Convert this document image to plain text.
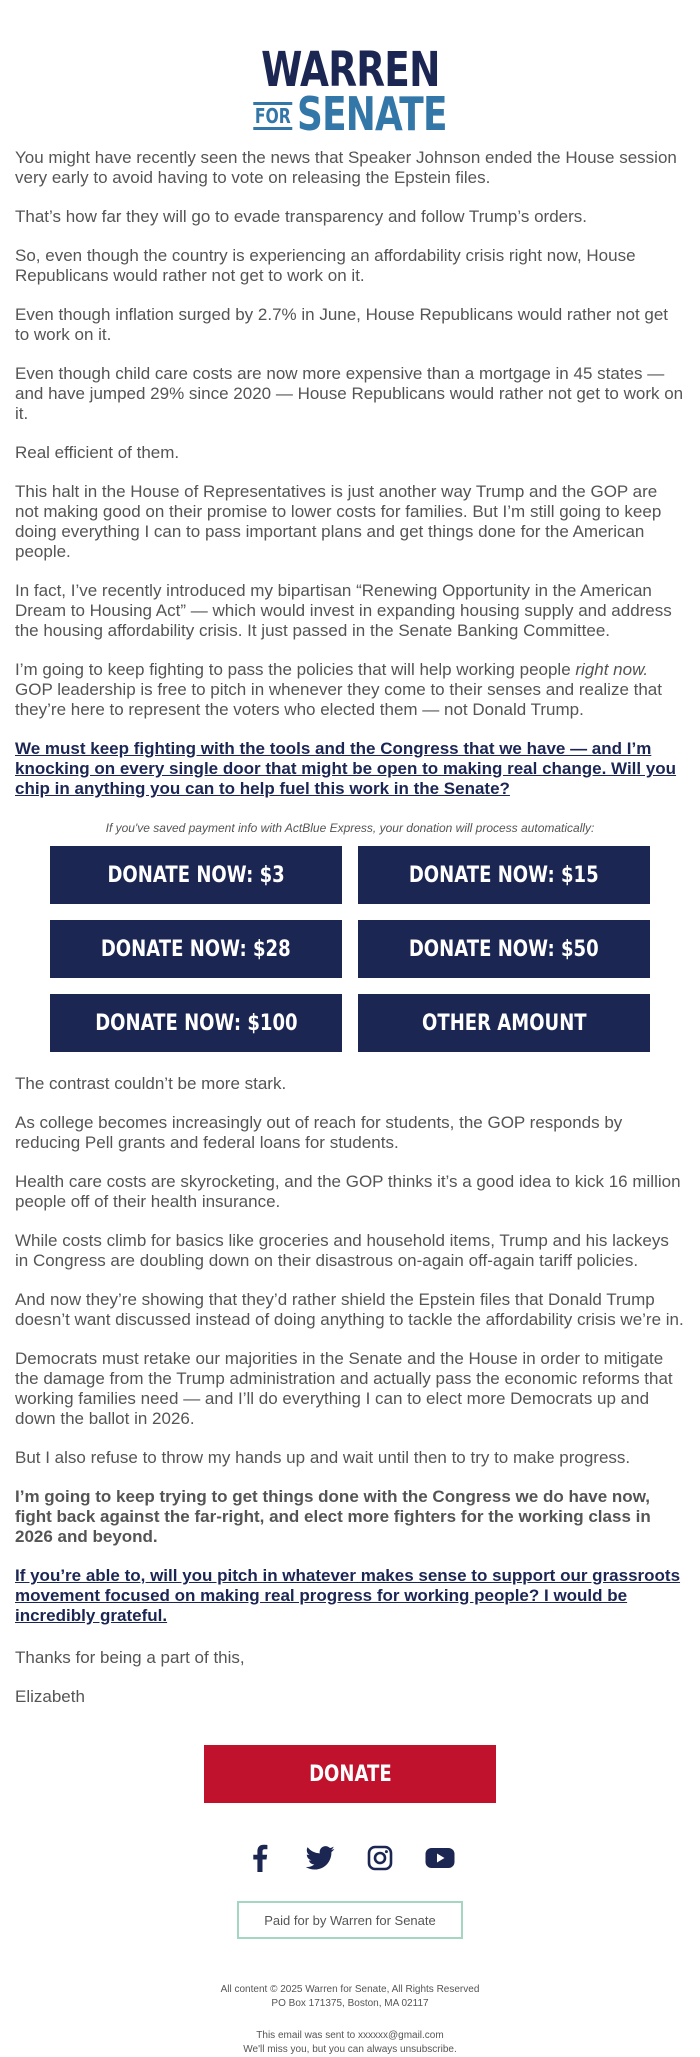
WARREN
FOR SENATE

You might have recently seen the news that Speaker Johnson ended the House session very early to avoid having to vote on releasing the Epstein files.

That’s how far they will go to evade transparency and follow Trump’s orders.

So, even though the country is experiencing an affordability crisis right now, House Republicans would rather not get to work on it.

Even though inflation surged by 2.7% in June, House Republicans would rather not get to work on it.

Even though child care costs are now more expensive than a mortgage in 45 states — and have jumped 29% since 2020 — House Republicans would rather not get to work on it.

Real efficient of them.

This halt in the House of Representatives is just another way Trump and the GOP are not making good on their promise to lower costs for families. But I’m still going to keep doing everything I can to pass important plans and get things done for the American people.

In fact, I’ve recently introduced my bipartisan “Renewing Opportunity in the American Dream to Housing Act” — which would invest in expanding housing supply and address the housing affordability crisis. It just passed in the Senate Banking Committee.

I’m going to keep fighting to pass the policies that will help working people right now. GOP leadership is free to pitch in whenever they come to their senses and realize that they’re here to represent the voters who elected them — not Donald Trump.

We must keep fighting with the tools and the Congress that we have — and I’m knocking on every single door that might be open to making real change. Will you chip in anything you can to help fuel this work in the Senate?
If you've saved payment info with ActBlue Express, your donation will process automatically:
DONATE NOW: $3	DONATE NOW: $15
DONATE NOW: $28	DONATE NOW: $50
DONATE NOW: $100	OTHER AMOUNT

The contrast couldn’t be more stark.

As college becomes increasingly out of reach for students, the GOP responds by reducing Pell grants and federal loans for students.

Health care costs are skyrocketing, and the GOP thinks it’s a good idea to kick 16 million people off of their health insurance.

While costs climb for basics like groceries and household items, Trump and his lackeys in Congress are doubling down on their disastrous on-again off-again tariff policies.

And now they’re showing that they’d rather shield the Epstein files that Donald Trump doesn’t want discussed instead of doing anything to tackle the affordability crisis we’re in.

Democrats must retake our majorities in the Senate and the House in order to mitigate the damage from the Trump administration and actually pass the economic reforms that working families need — and I’ll do everything I can to elect more Democrats up and down the ballot in 2026.

But I also refuse to throw my hands up and wait until then to try to make progress.

I’m going to keep trying to get things done with the Congress we do have now, fight back against the far-right, and elect more fighters for the working class in 2026 and beyond.

If you’re able to, will you pitch in whatever makes sense to support our grassroots movement focused on making real progress for working people? I would be incredibly grateful.

Thanks for being a part of this,

Elizabeth

DONATE
Paid for by Warren for Senate
All content © 2025 Warren for Senate, All Rights Reserved
PO Box 171375, Boston, MA 02117
This email was sent to xxxxxx@gmail.com
We'll miss you, but you can always unsubscribe.
